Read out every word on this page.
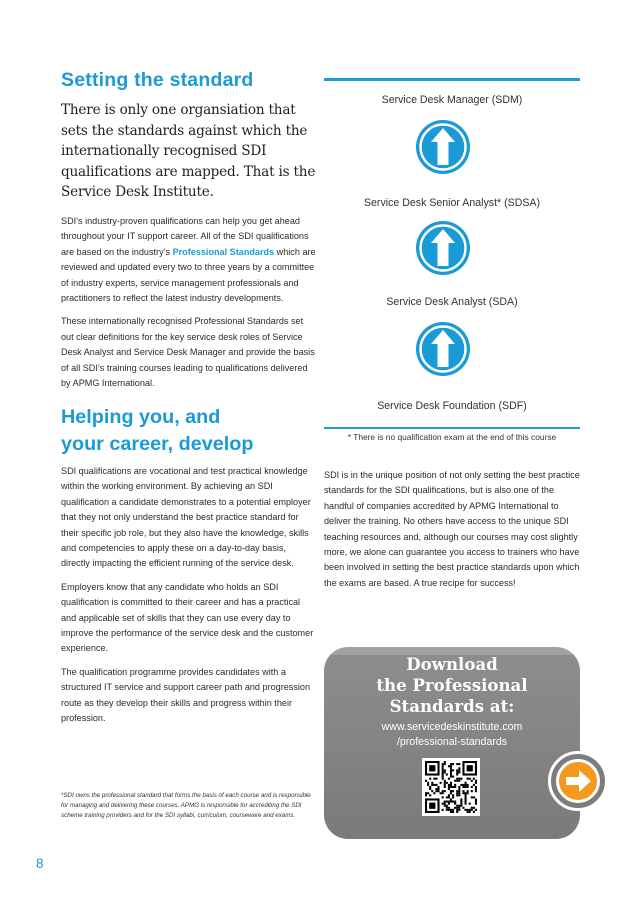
Setting the standard

There is only one organsiation that sets the standards against which the internationally recognised SDI qualifications are mapped. That is the Service Desk Institute.

SDI’s industry-proven qualifications can help you get ahead throughout your IT support career. All of the SDI qualifications are based on the industry’s Professional Standards which are reviewed and updated every two to three years by a committee of industry experts, service management professionals and practitioners to reflect the latest industry developments.

These internationally recognised Professional Standards set out clear definitions for the key service desk roles of Service Desk Analyst and Service Desk Manager and provide the basis of all SDI’s training courses leading to qualifications delivered by APMG International.

Helping you, and
your career, develop

SDI qualifications are vocational and test practical knowledge within the working environment. By achieving an SDI qualification a candidate demonstrates to a potential employer that they not only understand the best practice standard for their specific job role, but they also have the knowledge, skills and competencies to apply these on a day-to-day basis, directly impacting the efficient running of the service desk.

Employers know that any candidate who holds an SDI qualification is committed to their career and has a practical and applicable set of skills that they can use every day to improve the performance of the service desk and the customer experience.

The qualification programme provides candidates with a structured IT service and support career path and progression route as they develop their skills and progress within their profession.

Service Desk Manager (SDM)
Service Desk Senior Analyst* (SDSA)
Service Desk Analyst (SDA)
Service Desk Foundation (SDF)
* There is no qualification exam at the end of this course

SDI is in the unique position of not only setting the best practice standards for the SDI qualifications, but is also one of the handful of companies accredited by APMG International to deliver the training. No others have access to the unique SDI teaching resources and, although our courses may cost slightly more, we alone can guarantee you access to trainers who have been involved in setting the best practice standards upon which the exams are based. A true recipe for success!

Download
the Professional
Standards at:
www.servicedeskinstitute.com
/professional-standards

*SDI owns the professional standard that forms the basis of each course and is responsible for managing and delivering these courses. APMG is responsible for accrediting the SDI scheme training providers and for the SDI syllabi, curriculum, courseware and exams.

8
